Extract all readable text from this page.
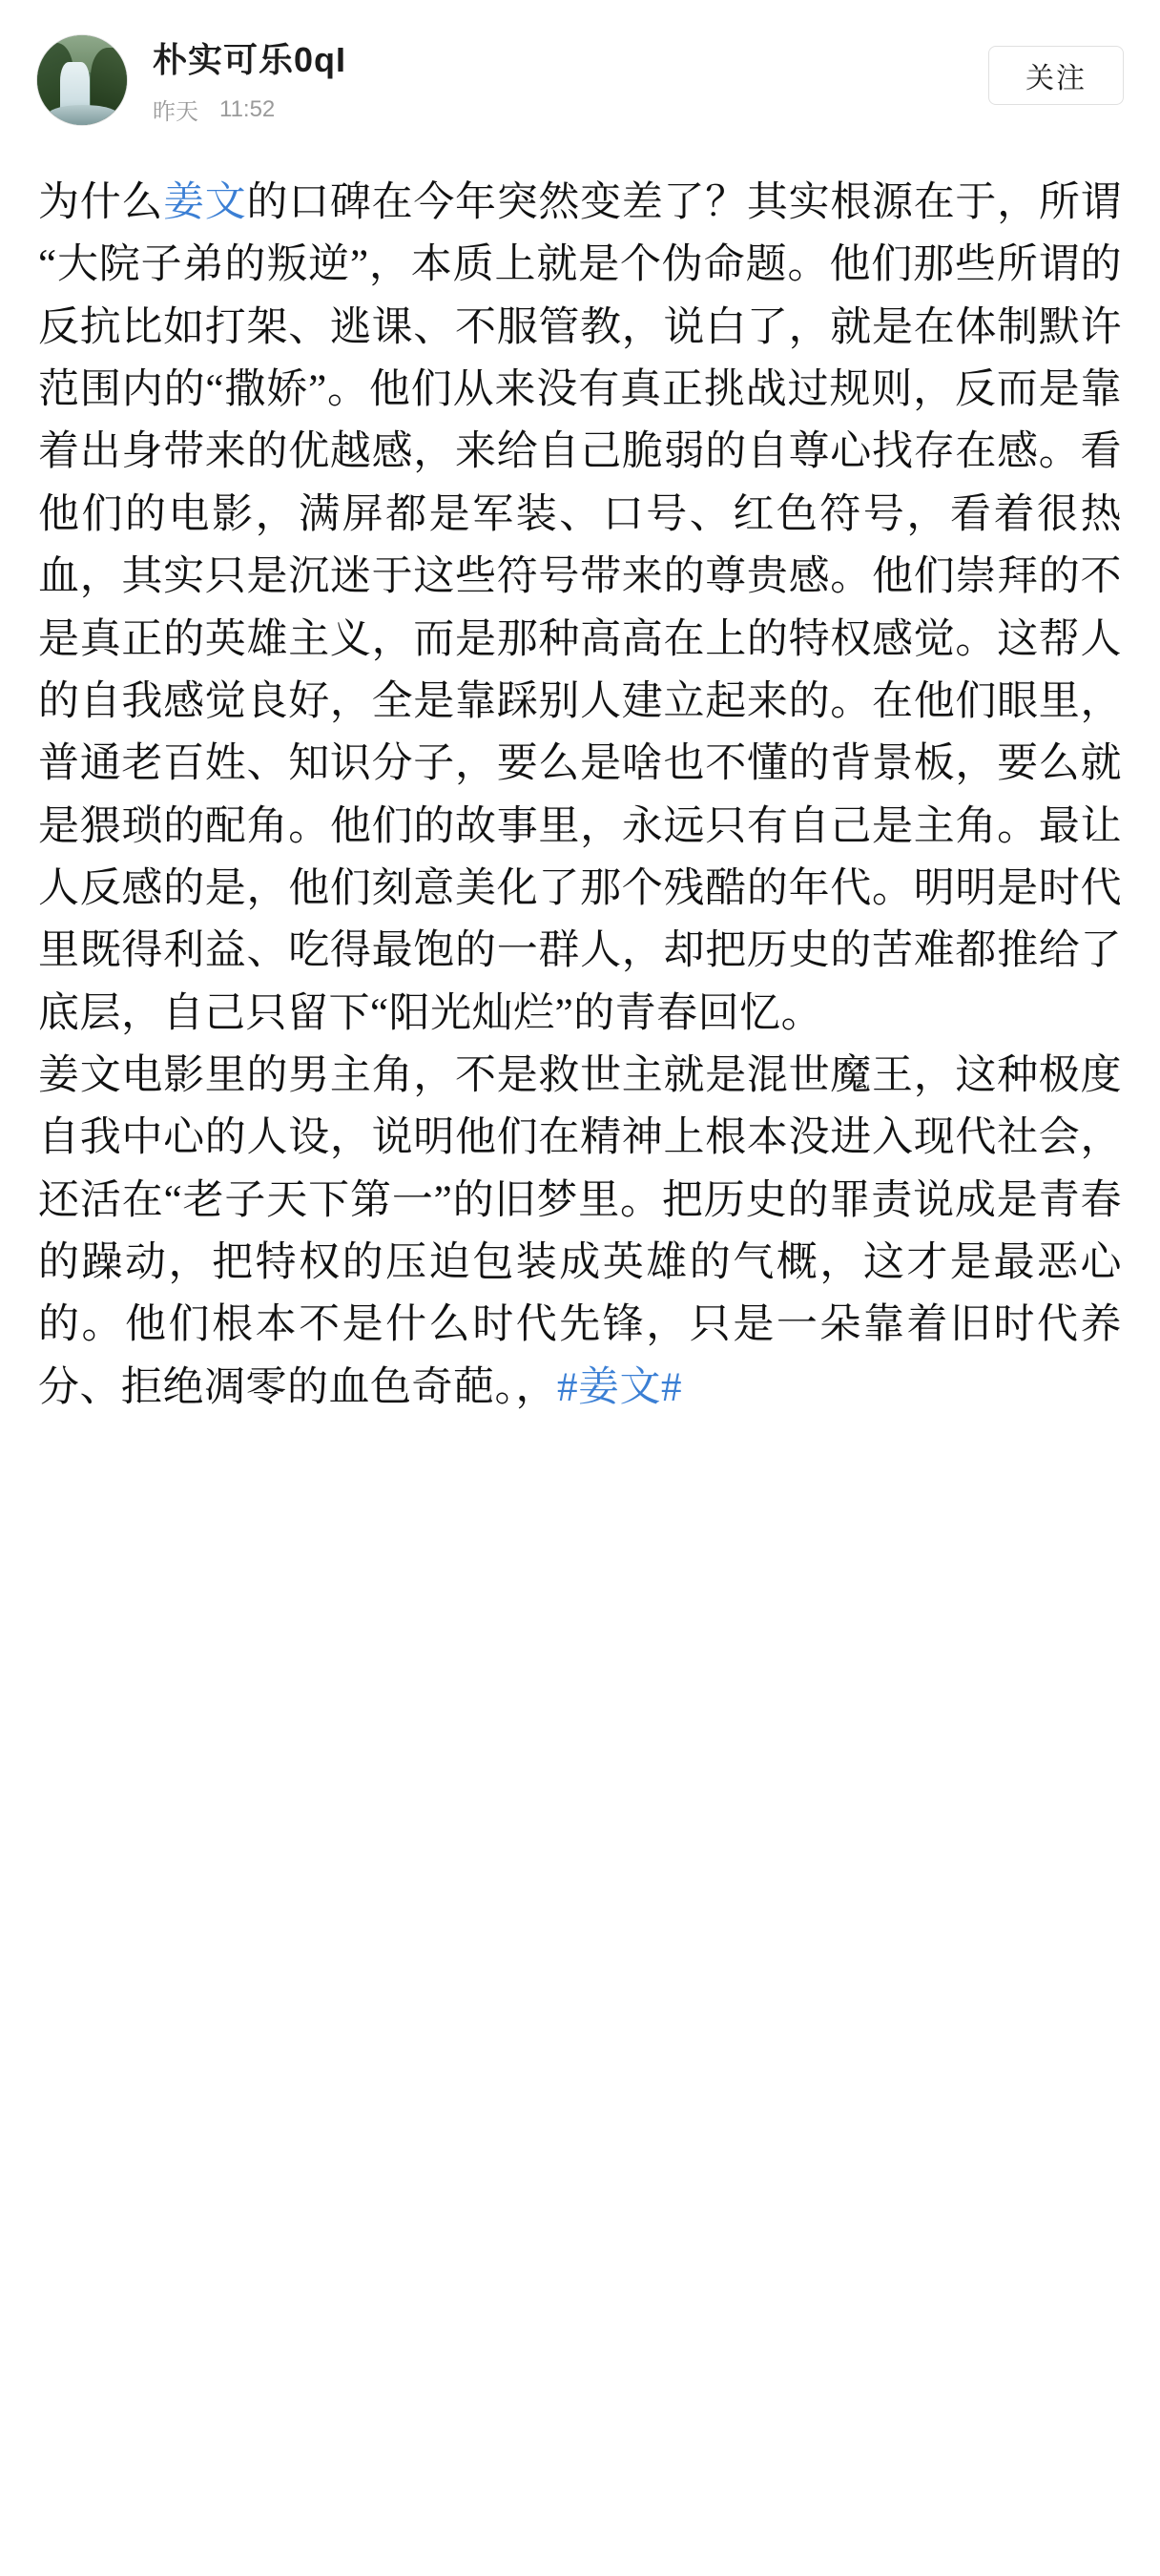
朴实可乐0qI
昨天 11:52
关注

为什么姜文的口碑在今年突然变差了？其实根源在于，所谓“大院子弟的叛逆”，本质上就是个伪命题。他们那些所谓的反抗比如打架、逃课、不服管教，说白了，就是在体制默许范围内的“撒娇”。他们从来没有真正挑战过规则，反而是靠着出身带来的优越感，来给自己脆弱的自尊心找存在感。看他们的电影，满屏都是军装、口号、红色符号，看着很热血，其实只是沉迷于这些符号带来的尊贵感。他们崇拜的不是真正的英雄主义，而是那种高高在上的特权感觉。这帮人的自我感觉良好，全是靠踩别人建立起来的。在他们眼里，普通老百姓、知识分子，要么是啥也不懂的背景板，要么就是猥琐的配角。他们的故事里，永远只有自己是主角。最让人反感的是，他们刻意美化了那个残酷的年代。明明是时代里既得利益、吃得最饱的一群人，却把历史的苦难都推给了底层，自己只留下“阳光灿烂”的青春回忆。

姜文电影里的男主角，不是救世主就是混世魔王，这种极度自我中心的人设，说明他们在精神上根本没进入现代社会，还活在“老子天下第一”的旧梦里。把历史的罪责说成是青春的躁动，把特权的压迫包装成英雄的气概，这才是最恶心的。他们根本不是什么时代先锋，只是一朵靠着旧时代养分、拒绝凋零的血色奇葩。，#姜文#
